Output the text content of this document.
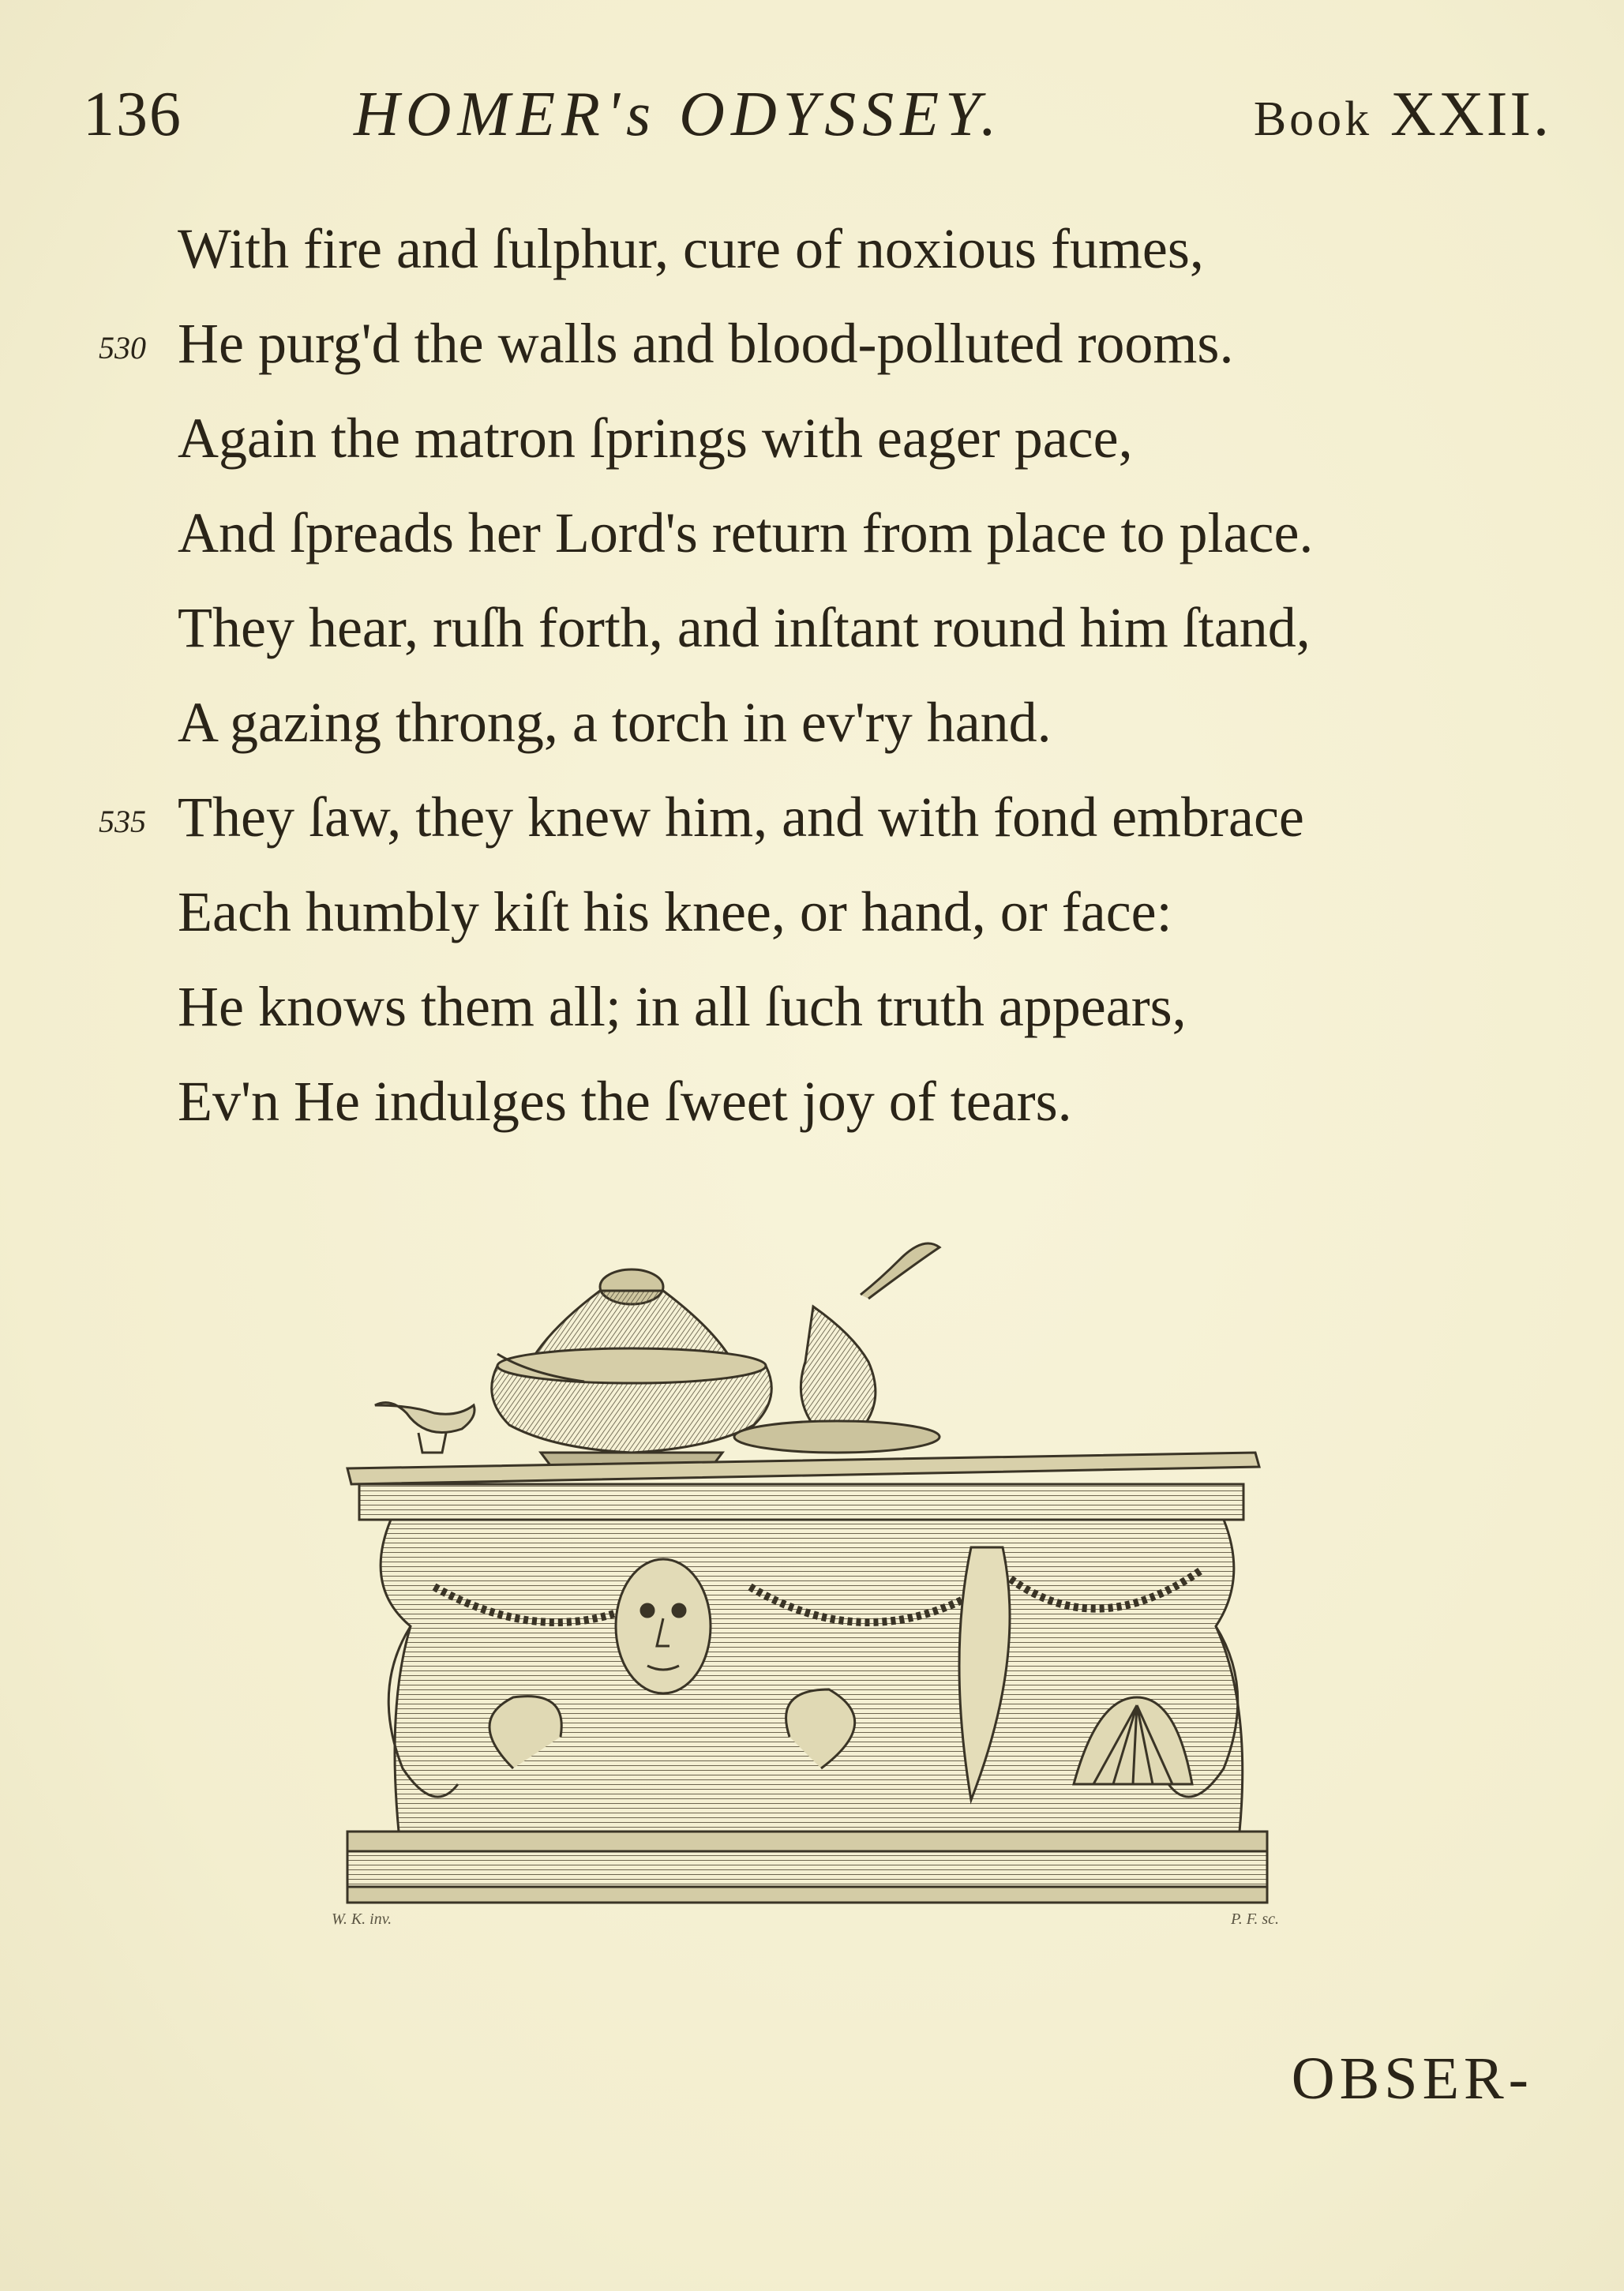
136	HOMER's ODYSSEY.	Book XXII.
With fire and ſulphur, cure of noxious fumes,
530 He purg'd the walls and blood-polluted rooms.
Again the matron ſprings with eager pace,
And ſpreads her Lord's return from place to place.
They hear, ruſh forth, and inſtant round him ſtand,
A gazing throng, a torch in ev'ry hand.
535 They ſaw, they knew him, and with fond embrace
Each humbly kiſt his knee, or hand, or face:
He knows them all; in all ſuch truth appears,
Ev'n He indulges the ſweet joy of tears.
W. K. inv.	P. F. sc.
OBSER-
